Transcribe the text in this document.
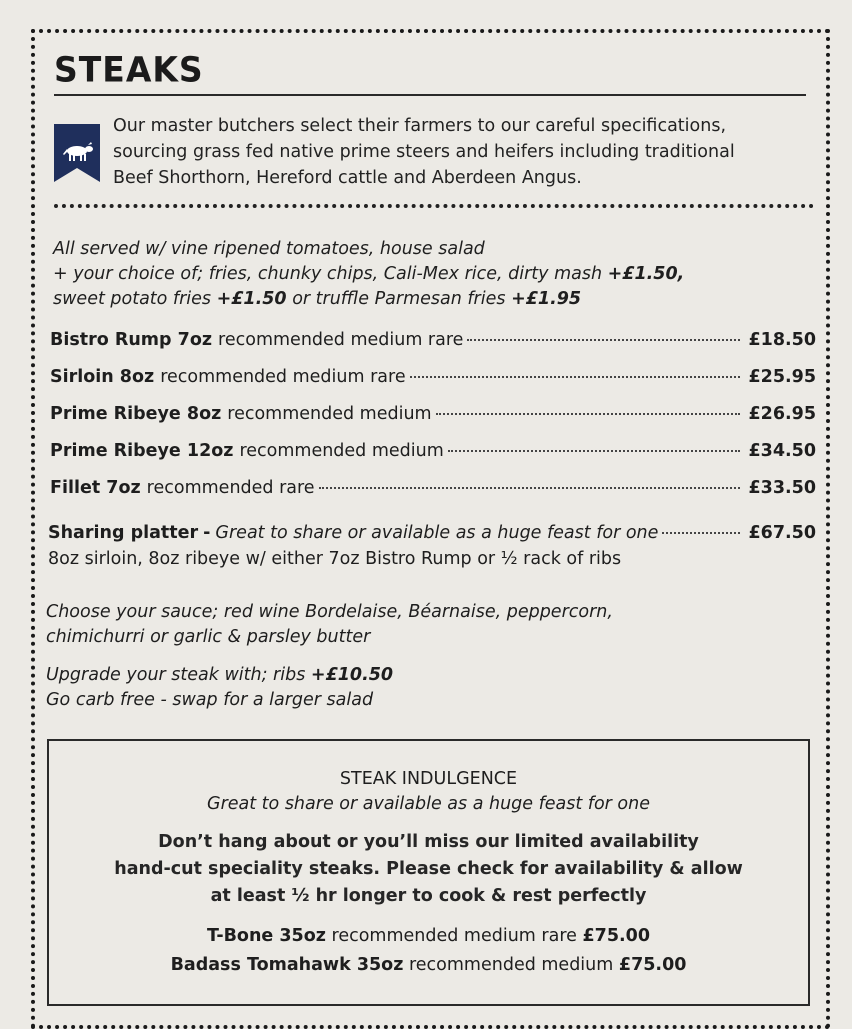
STEAKS
Our master butchers select their farmers to our careful specifications,
sourcing grass fed native prime steers and heifers including traditional
Beef Shorthorn, Hereford cattle and Aberdeen Angus.
All served w/ vine ripened tomatoes, house salad
+ your choice of; fries, chunky chips, Cali-Mex rice, dirty mash +£1.50,
sweet potato fries +£1.50 or truffle Parmesan fries +£1.95
Bistro Rump 7oz recommended medium rare	£18.50
Sirloin 8oz recommended medium rare	£25.95
Prime Ribeye 8oz recommended medium	£26.95
Prime Ribeye 12oz recommended medium	£34.50
Fillet 7oz recommended rare	£33.50
Sharing platter - Great to share or available as a huge feast for one	£67.50
8oz sirloin, 8oz ribeye w/ either 7oz Bistro Rump or ½ rack of ribs
Choose your sauce; red wine Bordelaise, Béarnaise, peppercorn,
chimichurri or garlic & parsley butter
Upgrade your steak with; ribs +£10.50
Go carb free - swap for a larger salad
STEAK INDULGENCE
Great to share or available as a huge feast for one
Don’t hang about or you’ll miss our limited availability
hand-cut speciality steaks. Please check for availability & allow
at least ½ hr longer to cook & rest perfectly
T-Bone 35oz recommended medium rare £75.00
Badass Tomahawk 35oz recommended medium £75.00
